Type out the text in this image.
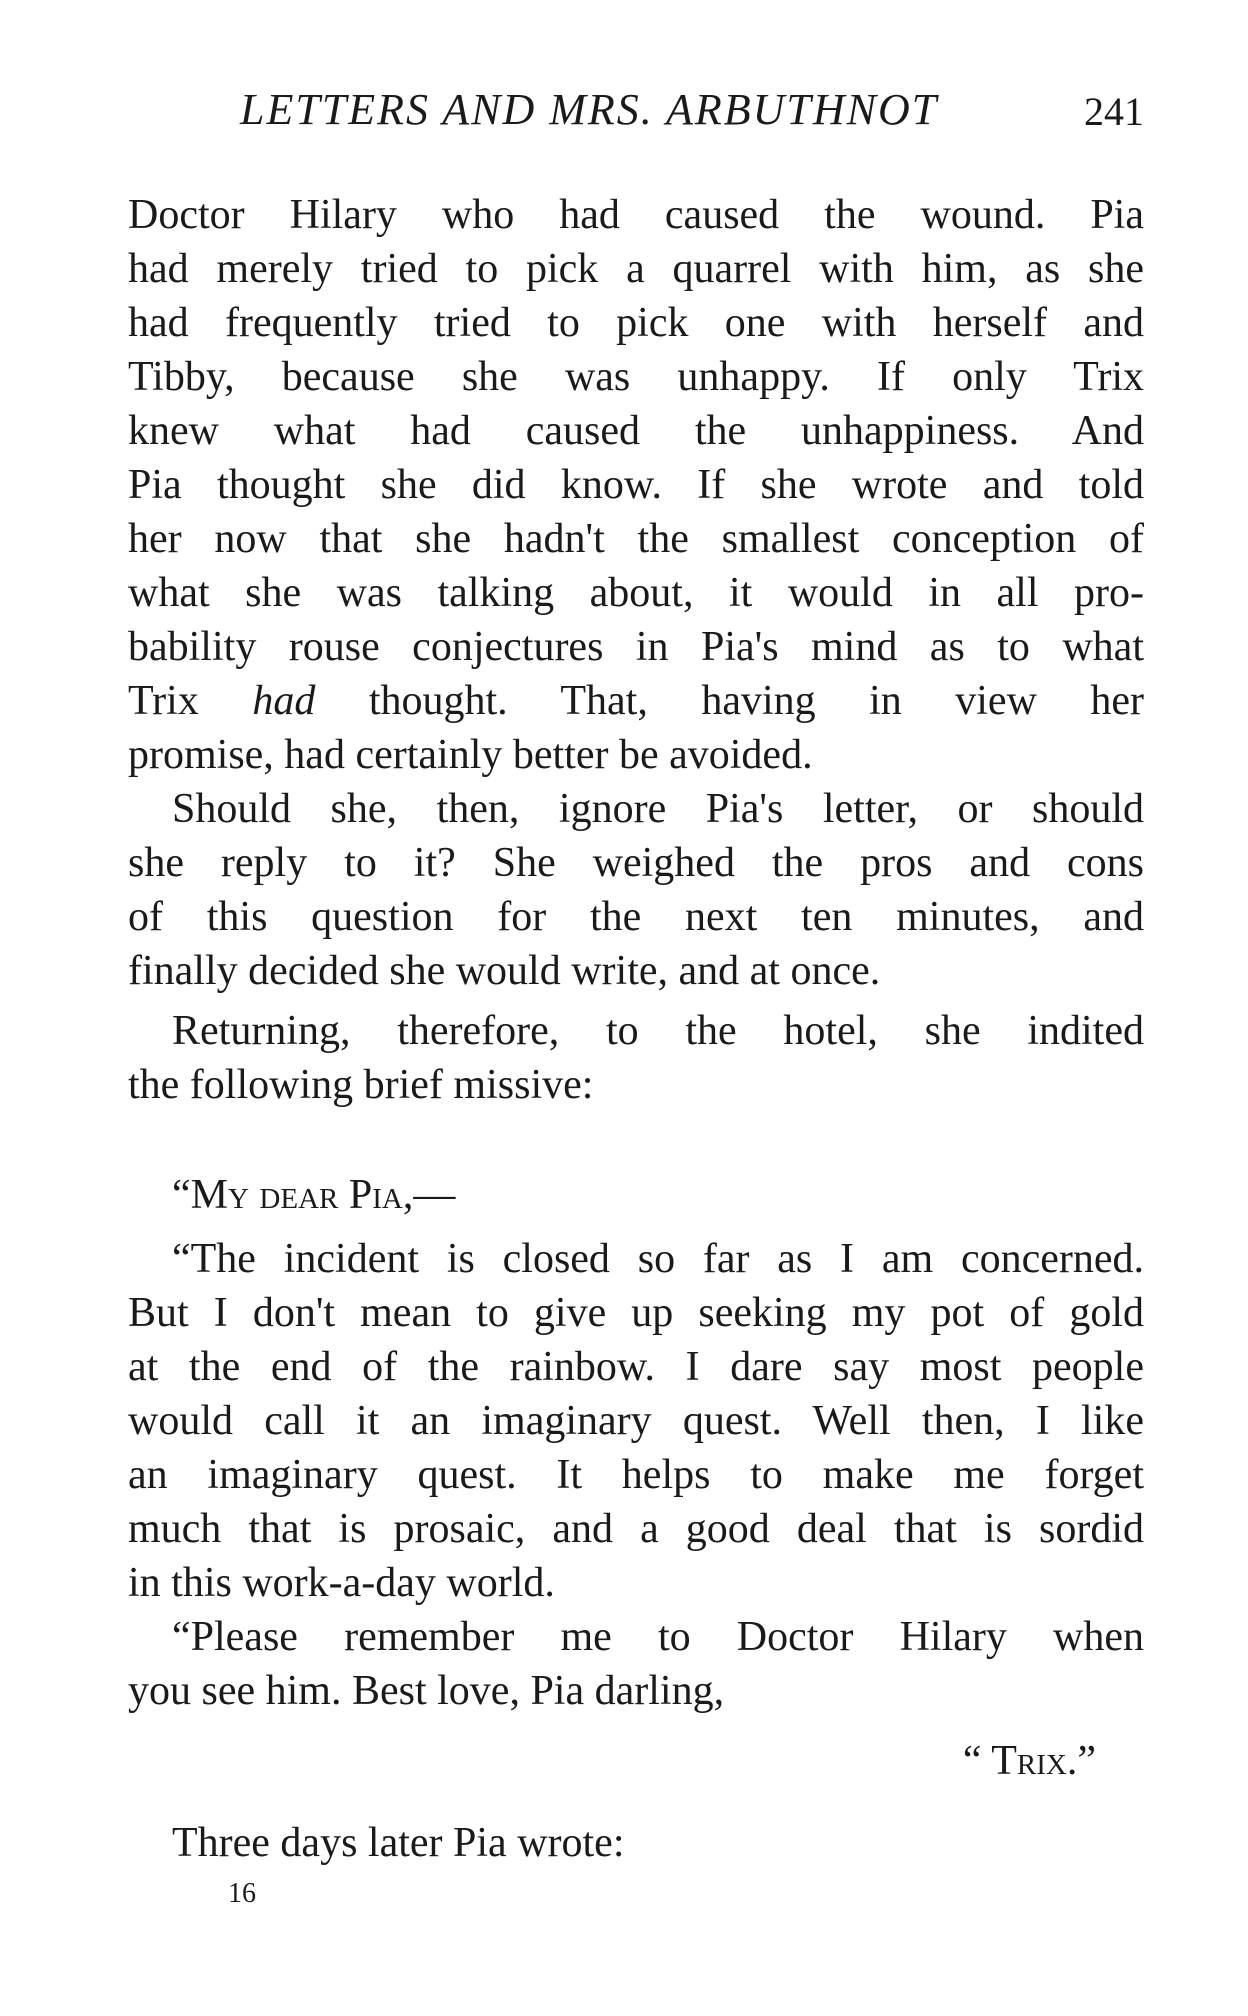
LETTERS AND MRS. ARBUTHNOT	241
Doctor Hilary who had caused the wound. Pia
had merely tried to pick a quarrel with him, as she
had frequently tried to pick one with herself and
Tibby, because she was unhappy. If only Trix
knew what had caused the unhappiness. And
Pia thought she did know. If she wrote and told
her now that she hadn't the smallest conception of
what she was talking about, it would in all pro-
bability rouse conjectures in Pia's mind as to what
Trix had thought. That, having in view her
promise, had certainly better be avoided.
Should she, then, ignore Pia's letter, or should
she reply to it? She weighed the pros and cons
of this question for the next ten minutes, and
finally decided she would write, and at once.
Returning, therefore, to the hotel, she indited
the following brief missive:
“My dear Pia,—
“The incident is closed so far as I am concerned.
But I don't mean to give up seeking my pot of gold
at the end of the rainbow. I dare say most people
would call it an imaginary quest. Well then, I like
an imaginary quest. It helps to make me forget
much that is prosaic, and a good deal that is sordid
in this work-a-day world.
“Please remember me to Doctor Hilary when
you see him. Best love, Pia darling,
“ Trix.”
Three days later Pia wrote:
16
